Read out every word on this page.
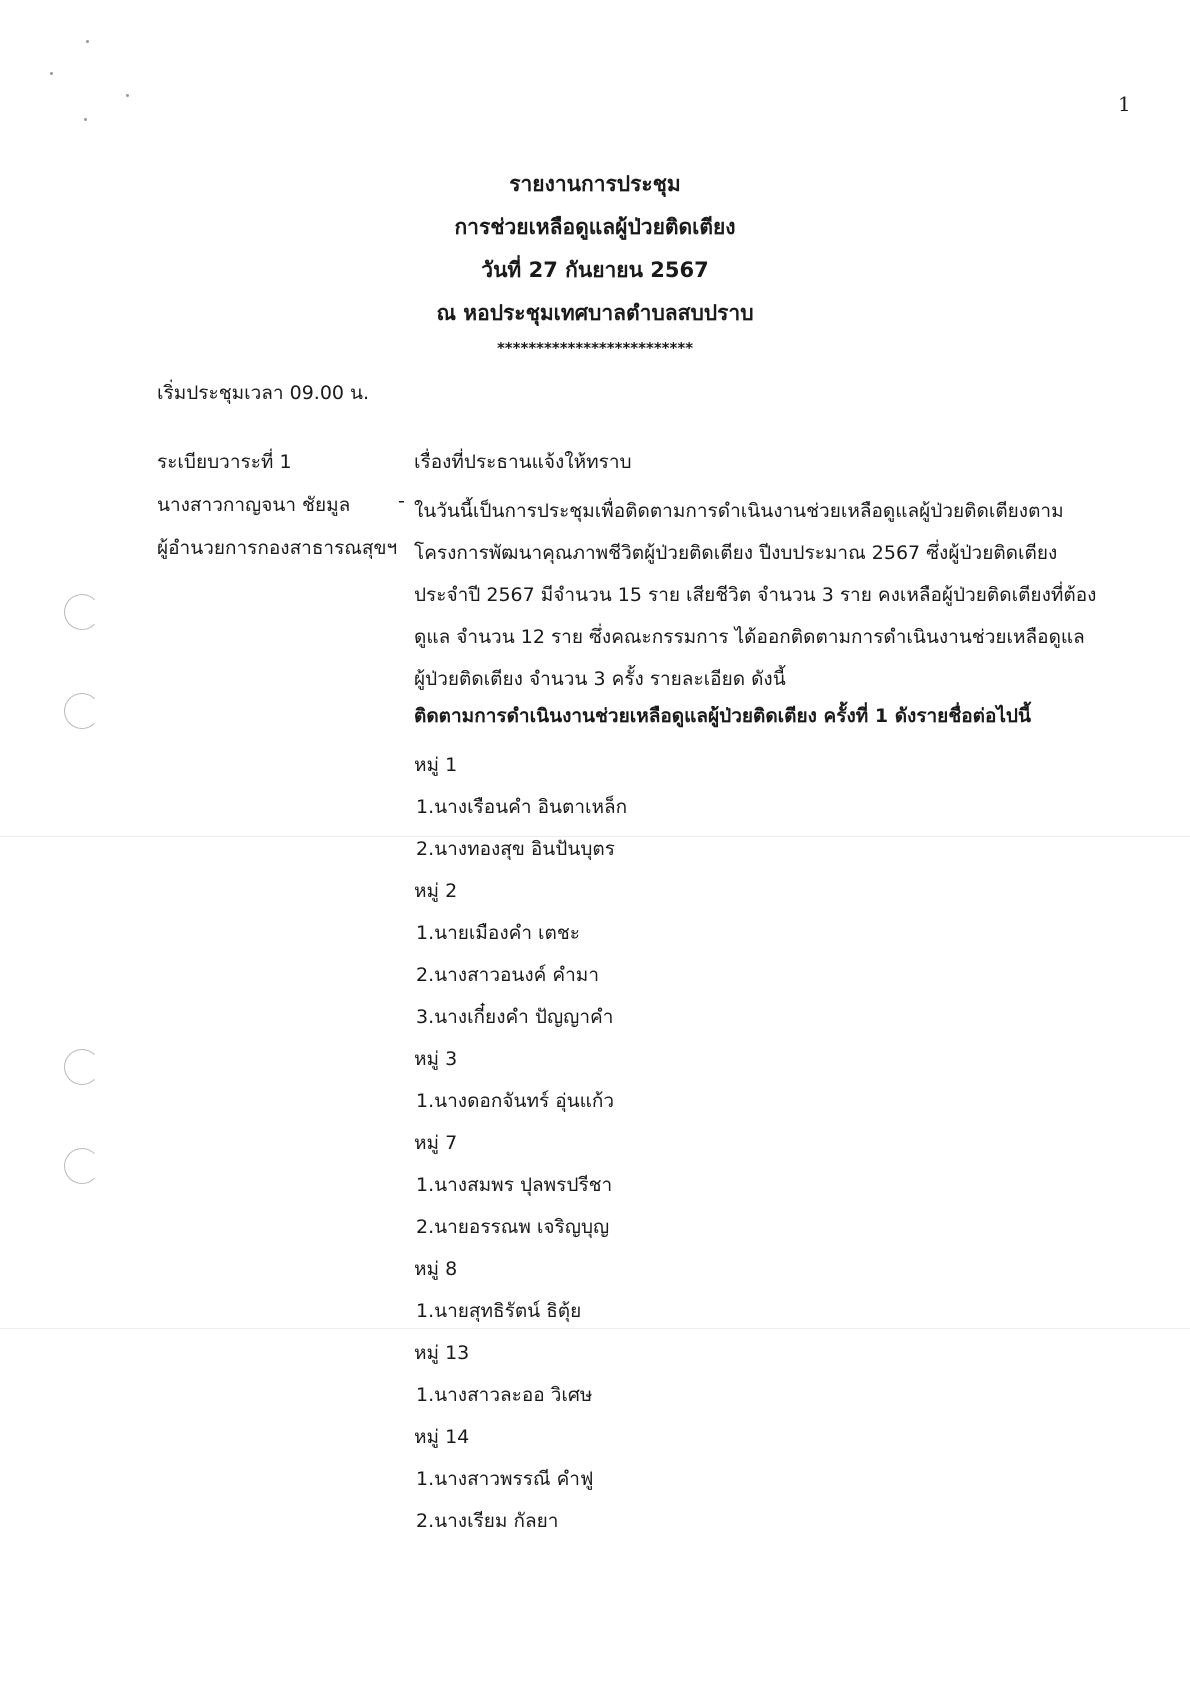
1
รายงานการประชุม
การช่วยเหลือดูแลผู้ป่วยติดเตียง
วันที่ 27 กันยายน 2567
ณ หอประชุมเทศบาลตำบลสบปราบ
*************************
เริ่มประชุมเวลา 09.00 น.
ระเบียบวาระที่ 1	เรื่องที่ประธานแจ้งให้ทราบ
นางสาวกาญจนา ชัยมูล
ผู้อำนวยการกองสาธารณสุขฯ
- ในวันนี้เป็นการประชุมเพื่อติดตามการดำเนินงานช่วยเหลือดูแลผู้ป่วยติดเตียงตาม
โครงการพัฒนาคุณภาพชีวิตผู้ป่วยติดเตียง ปีงบประมาณ 2567 ซึ่งผู้ป่วยติดเตียง
ประจำปี 2567 มีจำนวน 15 ราย เสียชีวิต จำนวน 3 ราย คงเหลือผู้ป่วยติดเตียงที่ต้อง
ดูแล จำนวน 12 ราย ซึ่งคณะกรรมการ ได้ออกติดตามการดำเนินงานช่วยเหลือดูแล
ผู้ป่วยติดเตียง จำนวน 3 ครั้ง รายละเอียด ดังนี้
ติดตามการดำเนินงานช่วยเหลือดูแลผู้ป่วยติดเตียง ครั้งที่ 1 ดังรายชื่อต่อไปนี้
หมู่ 1
1.นางเรือนคำ อินตาเหล็ก
2.นางทองสุข อินปันบุตร
หมู่ 2
1.นายเมืองคำ เตชะ
2.นางสาวอนงค์ คำมา
3.นางเกี๋ยงคำ ปัญญาคำ
หมู่ 3
1.นางดอกจันทร์ อุ่นแก้ว
หมู่ 7
1.นางสมพร ปุลพรปรีชา
2.นายอรรณพ เจริญบุญ
หมู่ 8
1.นายสุทธิรัตน์ ธิตุ้ย
หมู่ 13
1.นางสาวละออ วิเศษ
หมู่ 14
1.นางสาวพรรณี คำฟู
2.นางเรียม กัลยา
